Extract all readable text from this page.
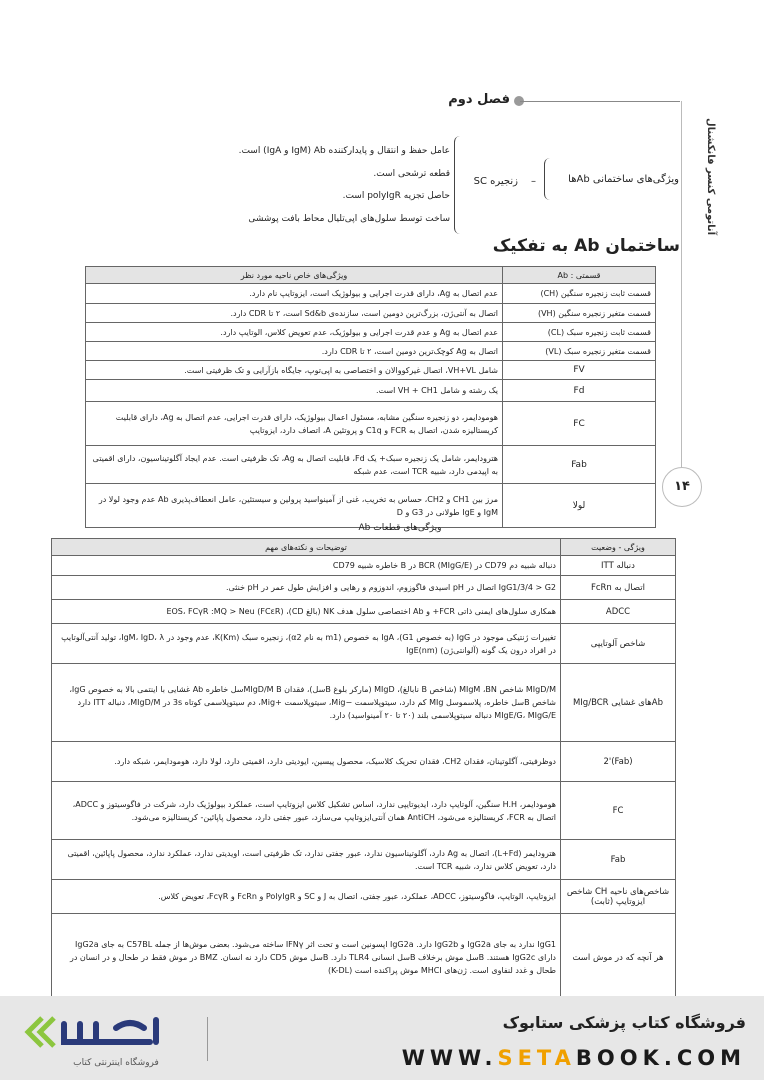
فصل دوم
آناتومی کنسر فانکشنال
۱۴
ویژگی‌های ساختمانی Abها
–
زنجیره SC
عامل حفظ و انتقال و پایدارکننده IgM) Ab و IgA) است.
قطعه ترشحی است.
حاصل تجزیه polyIgR است.
ساخت توسط سلول‌های اپی‌تلیال محاط بافت پوششی
ساختمان Ab به تفکیک
قسمتی : Ab	ویژگی‌های خاص ناحیه مورد نظر
قسمت ثابت زنجیره سنگین (CH)	عدم اتصال به Ag، دارای قدرت اجرایی و بیولوژیک است، ایزوتایپ نام دارد.
قسمت متغیر زنجیره سنگین (VH)	اتصال به آنتی‌ژن، بزرگ‌ترین دومین است، سازنده‌ی Sd&b است، ۲ تا CDR دارد.
قسمت ثابت زنجیره سبک (CL)	عدم اتصال به Ag و عدم قدرت اجرایی و بیولوژیک، عدم تعویض کلاس، الوتایپ دارد.
قسمت متغیر زنجیره سبک (VL)	اتصال به Ag کوچک‌ترین دومین است، ۲ تا CDR دارد.
FV	شامل VH+VL، اتصال غیرکووالان و اختصاصی به اپی‌توپ، جایگاه بازآرایی و تک ظرفیتی است.
Fd	یک رشته و شامل VH + CH1 است.
FC	هومودایمر، دو زنجیره سنگین مشابه، مسئول اعمال بیولوژیک، دارای قدرت اجرایی، عدم اتصال به Ag، دارای قابلیت کریستالیزه شدن، اتصال به FCR و C1q و پروتئین A، اتصاف دارد، ایزوتایپ
Fab	هترودایمر، شامل یک زنجیره سبک+ یک Fd، قابلیت اتصال به Ag، تک ظرفیتی است. عدم ایجاد آگلوتیناسیون، دارای اقمیتی به اپیدمی دارد، شبیه TCR است، عدم شبکه
لولا	مرز بین CH1 و CH2، حساس به تخریب، غنی از آمینواسید پرولین و سیستئین، عامل انعطاف‌پذیری Ab عدم وجود لولا در IgM و IgE طولانی در G3 و D
ویژگی‌های قطعات Ab
ویژگی - وضعیت	توضیحات و نکته‌های مهم
دنباله ITT	دنباله شبیه دم CD79 در BCR (MIgG/E) در B خاطره شبیه CD79
اتصال به FcRn	IgG1/3/4 > G2 اتصال در pH اسیدی فاگوزوم، اندوزوم و رهایی و افزایش طول عمر در pH خنثی.
ADCC	همکاری سلول‌های ایمنی ذاتی FCR+ و Ab اختصاصی سلول هدف NK (بالغ CD)، (FCεR) EOS، FCγR :MQ > Neu
شاخص آلوتایپی	تغییرات ژنتیکی موجود در IgG (به خصوص G1)، IgA به خصوص (m1 به نام α2)، زنجیره سبک (Km)K، عدم وجود در IgM، IgD، λ، تولید آنتی‌آلوتایپ در افراد درون یک گونه (آلوانتی‌ژن) IgE(nm)
Abهای غشایی MIg/BCR	MIgD/M شاخص MIgM ،BN (شاخص B نابالغ)، MIgD (مارکر بلوغ Bسل)، فقدان MIgD/M Bسل خاطره Ab غشایی با اینتمی بالا به خصوص IgG، شاخص Bسل خاطره، پلاسموسل MIg کم دارد، سیتوپلاسمت −Mig، سیتوپلاسمت +Mig، دم سیتوپلاسمی کوتاه 3s در MIgD/M، دنباله ITT دارد MIgE/G، MIgG/E دنباله سیتوپلاسمی بلند (۲۰ تا ۲۰ آمینواسید) دارد.
(Fab)'2	دوظرفیتی، آگلوتینان، فقدان CH2، فقدان تحریک کلاسیک، محصول پیسین، ایودیتی دارد، اقمیتی دارد، لولا دارد، هومودایمر، شبکه دارد.
FC	هومودایمر، H.H سنگین، آلوتایپ دارد، ایدیوتایپی ندارد، اساس تشکیل کلاس ایزوتایپ است، عملکرد بیولوژیک دارد، شرکت در فاگوسیتوز و ADCC، اتصال به FCR، کریستالیزه می‌شود، AntiCH همان آنتی‌ایزوتایپ می‌سازد، عبور جفتی دارد، محصول پاپائین- کریستالیزه می‌شود.
Fab	هترودایمر (L+Fd)، اتصال به Ag دارد، آگلوتیناسیون ندارد، عبور جفتی ندارد، تک ظرفیتی است، اویدیتی ندارد، عملکرد ندارد، محصول پاپائین، اقمیتی دارد، تعویض کلاس ندارد، شبیه TCR است.
شاخص‌های ناحیه CH شاخص ایزوتایپ (ثابت)	ایزوتایپ، الوتایپ، فاگوسیتوز، ADCC، عملکرد، عبور جفتی، اتصال به J و SC و PolyIgR و FcRn و FcγR، تعویض کلاس.
هر آنچه که در موش است	IgG1 ندارد به جای IgG2a و IgG2b دارد. IgG2a اپسونین است و تحت اثر IFNγ ساخته می‌شود. بعضی موش‌ها از جمله C57BL به جای IgG2a دارای IgG2c هستند. Bسل موش برخلاف Bسل انسانی TLR4 دارد. Bسل موش CD5 دارد نه انسان. BMZ در موش فقط در طحال و در انسان در طحال و غدد لنفاوی است. ژن‌های MHCI موش پراکنده است (K-DL)
فروشگاه اینترنتی کتاب
فروشگاه کتاب پزشکی ستابوک
WWW.SETABOOK.COM
